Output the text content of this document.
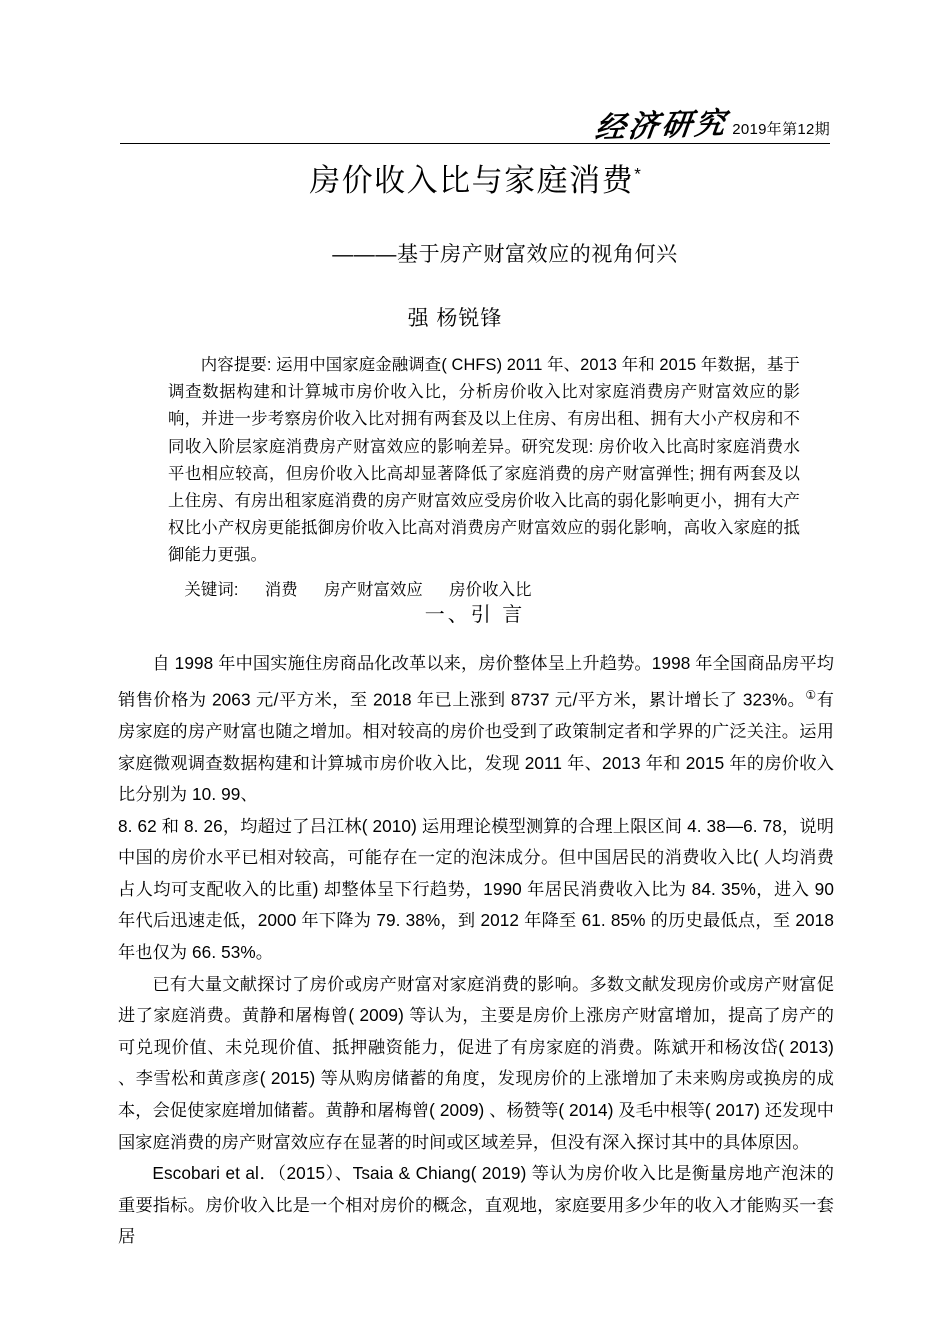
经济研究 2019年第12期
房价收入比与家庭消费*
———基于房产财富效应的视角何兴
强 杨锐锋

内容提要: 运用中国家庭金融调查( CHFS) 2011 年、2013 年和 2015 年数据，基于调查数据构建和计算城市房价收入比，分析房价收入比对家庭消费房产财富效应的影响，并进一步考察房价收入比对拥有两套及以上住房、有房出租、拥有大小产权房和不同收入阶层家庭消费房产财富效应的影响差异。研究发现: 房价收入比高时家庭消费水平也相应较高，但房价收入比高却显著降低了家庭消费的房产财富弹性; 拥有两套及以上住房、有房出租家庭消费的房产财富效应受房价收入比高的弱化影响更小，拥有大产权比小产权房更能抵御房价收入比高对消费房产财富效应的弱化影响，高收入家庭的抵御能力更强。

关键词: 消费 房产财富效应 房价收入比

一、引 言

自 1998 年中国实施住房商品化改革以来，房价整体呈上升趋势。1998 年全国商品房平均销售价格为 2063 元/平方米，至 2018 年已上涨到 8737 元/平方米，累计增长了 323%。①有房家庭的房产财富也随之增加。相对较高的房价也受到了政策制定者和学界的广泛关注。运用家庭微观调查数据构建和计算城市房价收入比，发现 2011 年、2013 年和 2015 年的房价收入比分别为 10. 99、

8. 62 和 8. 26，均超过了吕江林( 2010) 运用理论模型测算的合理上限区间 4. 38—6. 78，说明中国的房价水平已相对较高，可能存在一定的泡沫成分。但中国居民的消费收入比( 人均消费占人均可支配收入的比重) 却整体呈下行趋势，1990 年居民消费收入比为 84. 35%，进入 90 年代后迅速走低，2000 年下降为 79. 38%，到 2012 年降至 61. 85% 的历史最低点，至 2018 年也仅为 66. 53%。

已有大量文献探讨了房价或房产财富对家庭消费的影响。多数文献发现房价或房产财富促进了家庭消费。黄静和屠梅曾( 2009) 等认为，主要是房价上涨房产财富增加，提高了房产的可兑现价值、未兑现价值、抵押融资能力，促进了有房家庭的消费。陈斌开和杨汝岱( 2013) 、李雪松和黄彦彦( 2015) 等从购房储蓄的角度，发现房价的上涨增加了未来购房或换房的成本，会促使家庭增加储蓄。黄静和屠梅曾( 2009) 、杨赞等( 2014) 及毛中根等( 2017) 还发现中国家庭消费的房产财富效应存在显著的时间或区域差异，但没有深入探讨其中的具体原因。

Escobari et al．（2015）、Tsaia & Chiang( 2019) 等认为房价收入比是衡量房地产泡沫的重要指标。房价收入比是一个相对房价的概念，直观地，家庭要用多少年的收入才能购买一套居
